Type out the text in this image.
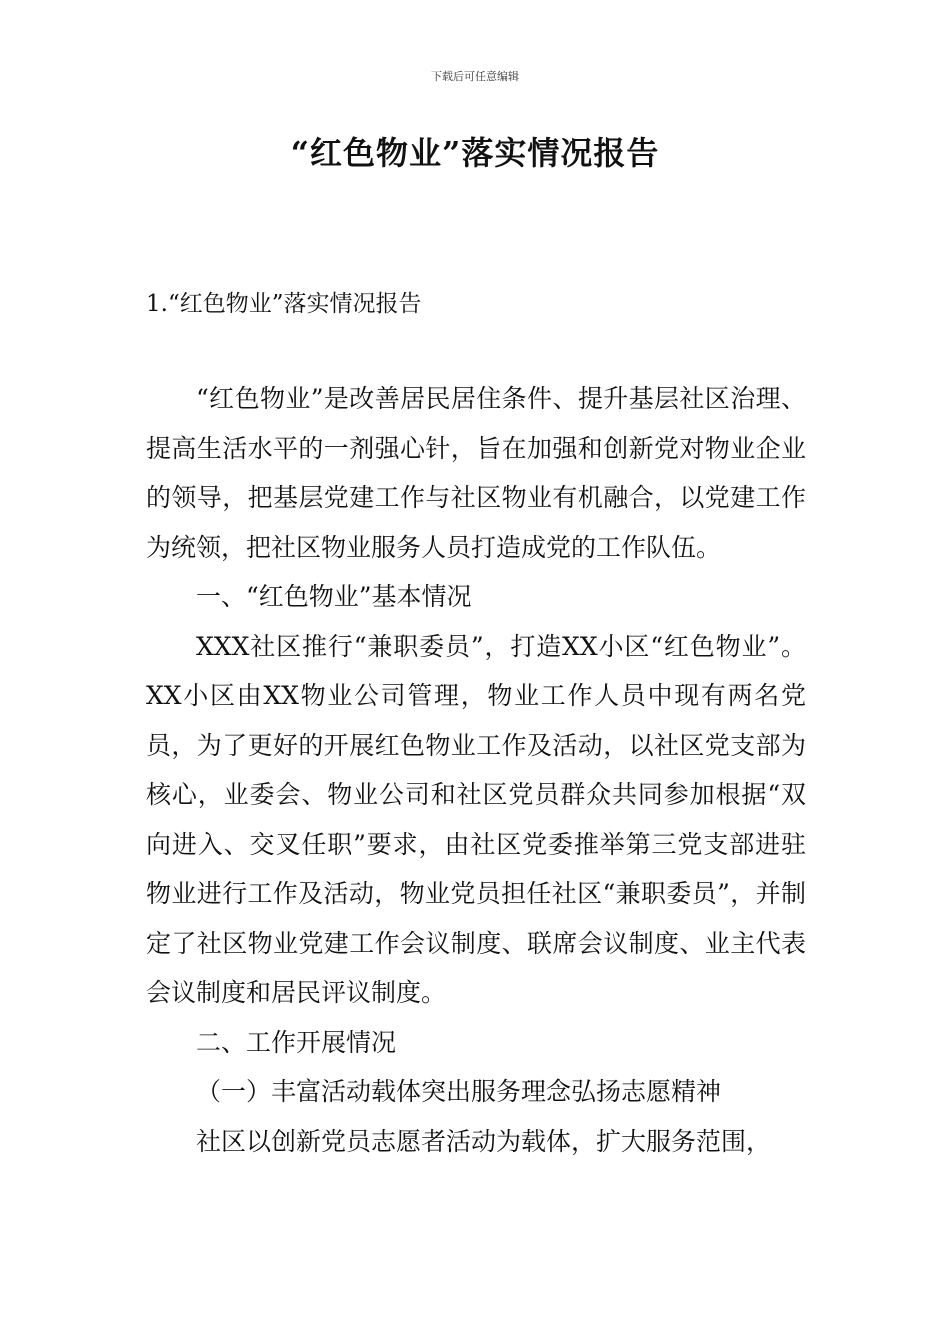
下载后可任意编辑
“红色物业”落实情况报告
1.“红色物业”落实情况报告

“红色物业”是改善居民居住条件、提升基层社区治理、提高生活水平的一剂强心针，旨在加强和创新党对物业企业的领导，把基层党建工作与社区物业有机融合，以党建工作为统领，把社区物业服务人员打造成党的工作队伍。

一、“红色物业”基本情况

XXX社区推行“兼职委员”，打造XX小区“红色物业”。XX小区由XX物业公司管理，物业工作人员中现有两名党员，为了更好的开展红色物业工作及活动，以社区党支部为核心，业委会、物业公司和社区党员群众共同参加根据“双向进入、交叉任职”要求，由社区党委推举第三党支部进驻物业进行工作及活动，物业党员担任社区“兼职委员”，并制定了社区物业党建工作会议制度、联席会议制度、业主代表会议制度和居民评议制度。

二、工作开展情况

（一）丰富活动载体突出服务理念弘扬志愿精神

社区以创新党员志愿者活动为载体，扩大服务范围，
